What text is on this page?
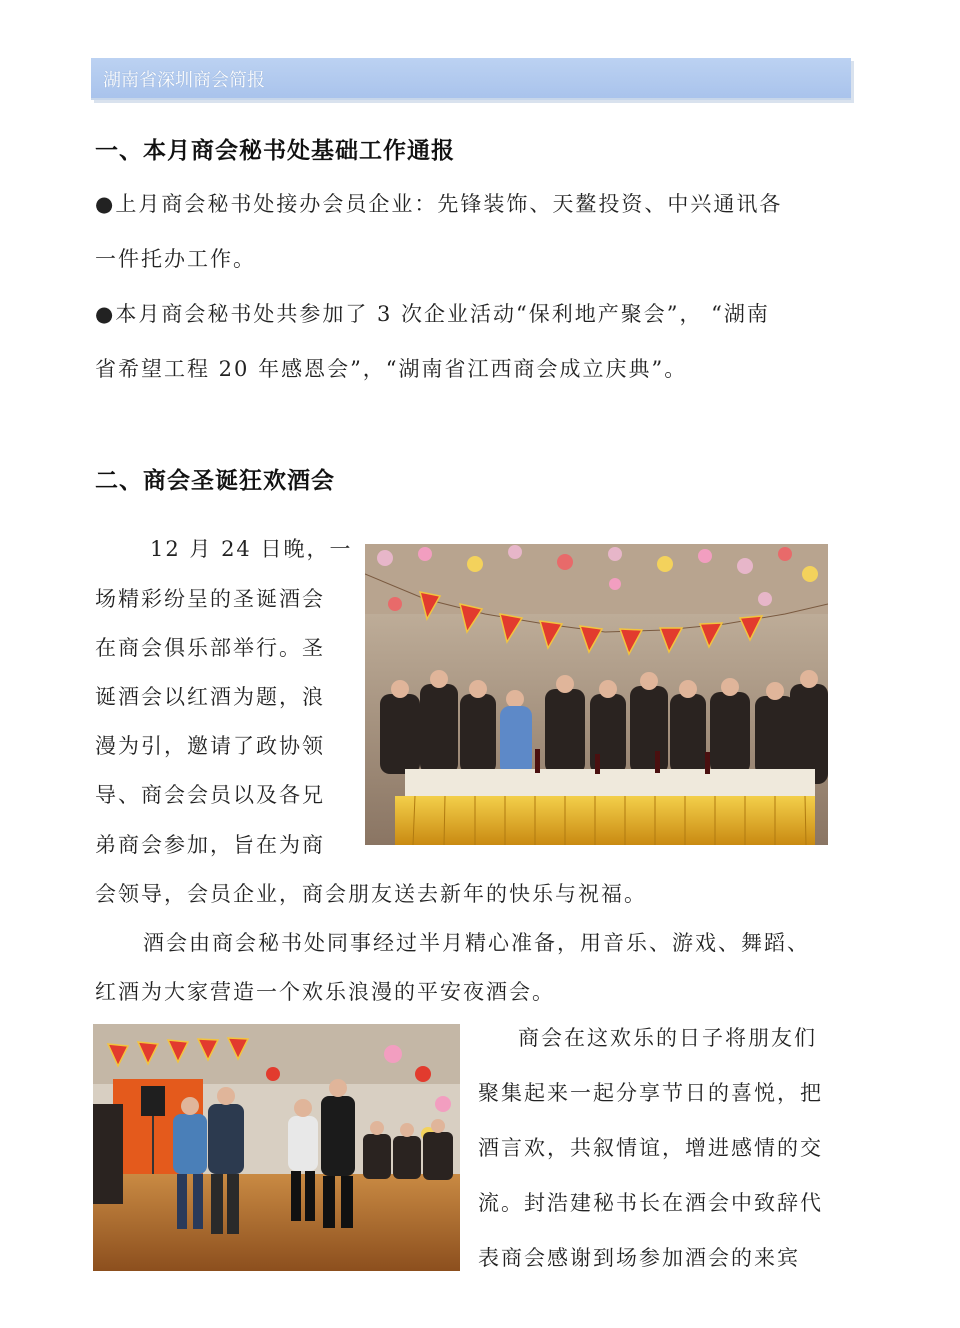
湖南省深圳商会简报
一、本月商会秘书处基础工作通报
●上月商会秘书处接办会员企业：先锋装饰、天鳌投资、中兴通讯各
一件托办工作。
●本月商会秘书处共参加了 3 次企业活动“保利地产聚会”， “湖南
省希望工程 20 年感恩会”，“湖南省江西商会成立庆典”。
二、商会圣诞狂欢酒会
12 月 24 日晚，一
场精彩纷呈的圣诞酒会
在商会俱乐部举行。圣
诞酒会以红酒为题，浪
漫为引，邀请了政协领
导、商会会员以及各兄
弟商会参加，旨在为商
会领导，会员企业，商会朋友送去新年的快乐与祝福。
酒会由商会秘书处同事经过半月精心准备，用音乐、游戏、舞蹈、
红酒为大家营造一个欢乐浪漫的平安夜酒会。
商会在这欢乐的日子将朋友们
聚集起来一起分享节日的喜悦，把
酒言欢，共叙情谊，增进感情的交
流。封浩建秘书长在酒会中致辞代
表商会感谢到场参加酒会的来宾
